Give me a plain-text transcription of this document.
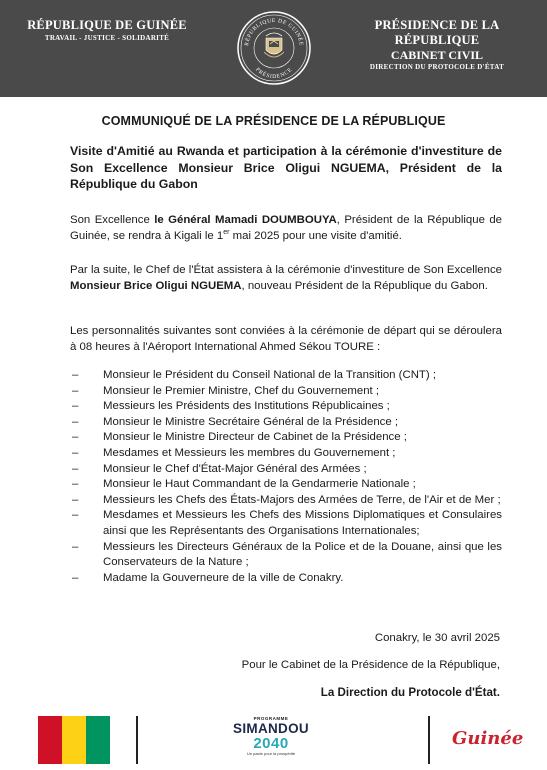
RÉPUBLIQUE DE GUINÉE
TRAVAIL - JUSTICE - SOLIDARITÉ
RÉPUBLIQUE DE GUINÉE
PRÉSIDENCE
PRÉSIDENCE DE LA RÉPUBLIQUE
CABINET CIVIL
DIRECTION DU PROTOCOLE D'ÉTAT
COMMUNIQUÉ DE LA PRÉSIDENCE DE LA RÉPUBLIQUE
Visite d'Amitié au Rwanda et participation à la cérémonie d'investiture de Son Excellence Monsieur Brice Oligui NGUEMA, Président de la République du Gabon
Son Excellence le Général Mamadi DOUMBOUYA, Président de la République de Guinée, se rendra à Kigali le 1er mai 2025 pour une visite d'amitié.
Par la suite, le Chef de l'État assistera à la cérémonie d'investiture de Son Excellence Monsieur Brice Oligui NGUEMA, nouveau Président de la République du Gabon.
Les personnalités suivantes sont conviées à la cérémonie de départ qui se déroulera à 08 heures à l'Aéroport International Ahmed Sékou TOURE :
– Monsieur le Président du Conseil National de la Transition (CNT) ;
– Monsieur le Premier Ministre, Chef du Gouvernement ;
– Messieurs les Présidents des Institutions Républicaines ;
– Monsieur le Ministre Secrétaire Général de la Présidence ;
– Monsieur le Ministre Directeur de Cabinet de la Présidence ;
– Mesdames et Messieurs les membres du Gouvernement ;
– Monsieur le Chef d'État-Major Général des Armées ;
– Monsieur le Haut Commandant de la Gendarmerie Nationale ;
– Messieurs les Chefs des États-Majors des Armées de Terre, de l'Air et de Mer ;
– Mesdames et Messieurs les Chefs des Missions Diplomatiques et Consulaires ainsi que les Représentants des Organisations Internationales;
– Messieurs les Directeurs Généraux de la Police et de la Douane, ainsi que les Conservateurs de la Nature ;
– Madame la Gouverneure de la ville de Conakry.
Conakry, le 30 avril 2025
Pour le Cabinet de la Présidence de la République,
La Direction du Protocole d'État.
PROGRAMME
SIMANDOU
2040
Un pacte pour la prospérité
Guinée
